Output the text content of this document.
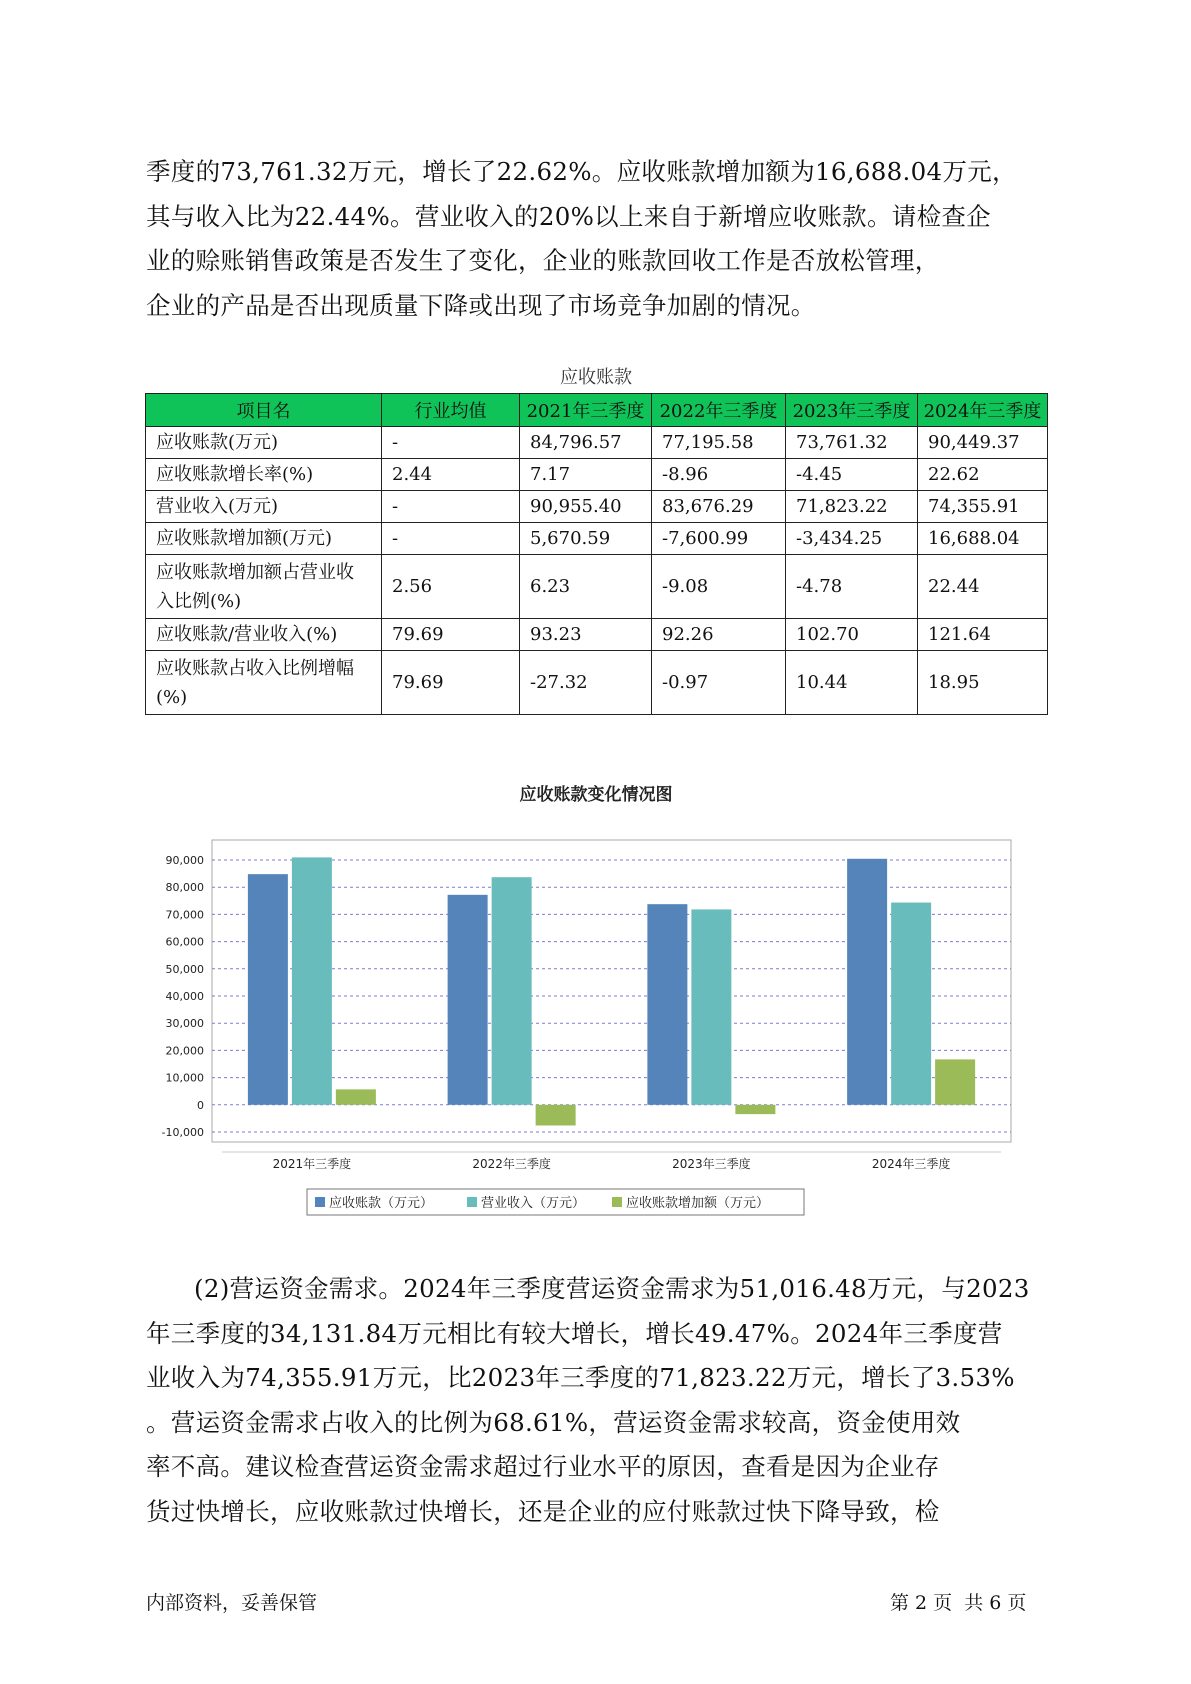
季度的73,761.32万元，增长了22.62%。应收账款增加额为16,688.04万元，
其与收入比为22.44%。营业收入的20%以上来自于新增应收账款。请检查企
业的赊账销售政策是否发生了变化，企业的账款回收工作是否放松管理，
企业的产品是否出现质量下降或出现了市场竞争加剧的情况。
应收账款
项目名	行业均值	2021年三季度	2022年三季度	2023年三季度	2024年三季度
应收账款(万元)	-	84,796.57	77,195.58	73,761.32	90,449.37
应收账款增长率(%)	2.44	7.17	-8.96	-4.45	22.62
营业收入(万元)	-	90,955.40	83,676.29	71,823.22	74,355.91
应收账款增加额(万元)	-	5,670.59	-7,600.99	-3,434.25	16,688.04
应收账款增加额占营业收
入比例(%)	2.56	6.23	-9.08	-4.78	22.44
应收账款/营业收入(%)	79.69	93.23	92.26	102.70	121.64
应收账款占收入比例增幅
(%)	79.69	-27.32	-0.97	10.44	18.95
应收账款变化情况图
-10,000
0
10,000
20,000
30,000
40,000
50,000
60,000
70,000
80,000
90,000
2021年三季度	2022年三季度	2023年三季度	2024年三季度
应收账款（万元）	营业收入（万元）	应收账款增加额（万元）
(2)营运资金需求。2024年三季度营运资金需求为51,016.48万元，与2023
年三季度的34,131.84万元相比有较大增长，增长49.47%。2024年三季度营
业收入为74,355.91万元，比2023年三季度的71,823.22万元，增长了3.53%
。营运资金需求占收入的比例为68.61%，营运资金需求较高，资金使用效
率不高。建议检查营运资金需求超过行业水平的原因，查看是因为企业存
货过快增长，应收账款过快增长，还是企业的应付账款过快下降导致，检
内部资料，妥善保管	第 2 页  共 6 页
